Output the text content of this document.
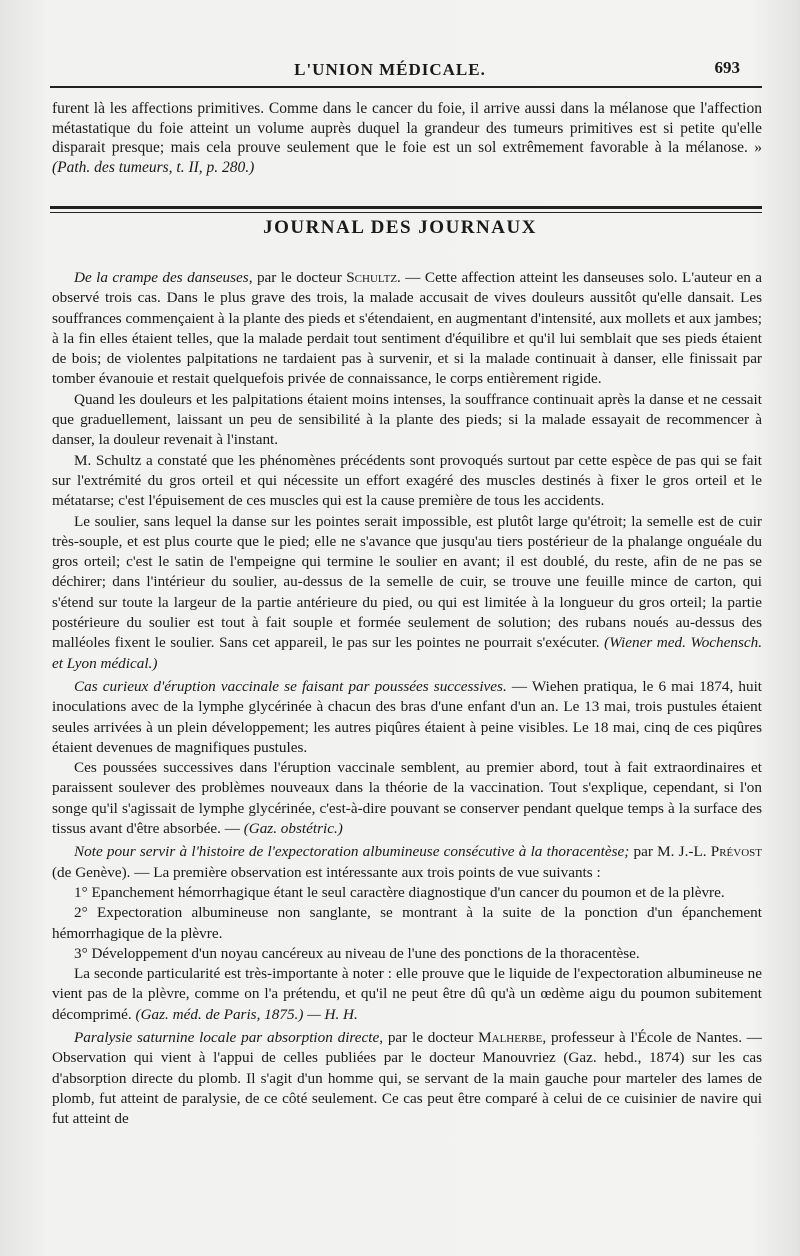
L'UNION MÉDICALE.	693

furent là les affections primitives. Comme dans le cancer du foie, il arrive aussi dans la mélanose que l'affection métastatique du foie atteint un volume auprès duquel la grandeur des tumeurs primitives est si petite qu'elle disparait presque; mais cela prouve seulement que le foie est un sol extrêmement favorable à la mélanose. » (Path. des tumeurs, t. II, p. 280.)

JOURNAL DES JOURNAUX

De la crampe des danseuses, par le docteur Schultz. — Cette affection atteint les danseuses solo. L'auteur en a observé trois cas. Dans le plus grave des trois, la malade accusait de vives douleurs aussitôt qu'elle dansait. Les souffrances commençaient à la plante des pieds et s'étendaient, en augmentant d'intensité, aux mollets et aux jambes; à la fin elles étaient telles, que la malade perdait tout sentiment d'équilibre et qu'il lui semblait que ses pieds étaient de bois; de violentes palpitations ne tardaient pas à survenir, et si la malade continuait à danser, elle finissait par tomber évanouie et restait quelquefois privée de connaissance, le corps entièrement rigide.

Quand les douleurs et les palpitations étaient moins intenses, la souffrance continuait après la danse et ne cessait que graduellement, laissant un peu de sensibilité à la plante des pieds; si la malade essayait de recommencer à danser, la douleur revenait à l'instant.

M. Schultz a constaté que les phénomènes précédents sont provoqués surtout par cette espèce de pas qui se fait sur l'extrémité du gros orteil et qui nécessite un effort exagéré des muscles destinés à fixer le gros orteil et le métatarse; c'est l'épuisement de ces muscles qui est la cause première de tous les accidents.

Le soulier, sans lequel la danse sur les pointes serait impossible, est plutôt large qu'étroit; la semelle est de cuir très-souple, et est plus courte que le pied; elle ne s'avance que jusqu'au tiers postérieur de la phalange onguéale du gros orteil; c'est le satin de l'empeigne qui termine le soulier en avant; il est doublé, du reste, afin de ne pas se déchirer; dans l'intérieur du soulier, au-dessus de la semelle de cuir, se trouve une feuille mince de carton, qui s'étend sur toute la largeur de la partie antérieure du pied, ou qui est limitée à la longueur du gros orteil; la partie postérieure du soulier est tout à fait souple et formée seulement de solution; des rubans noués au-dessus des malléoles fixent le soulier. Sans cet appareil, le pas sur les pointes ne pourrait s'exécuter. (Wiener med. Wochensch. et Lyon médical.)

Cas curieux d'éruption vaccinale se faisant par poussées successives. — Wiehen pratiqua, le 6 mai 1874, huit inoculations avec de la lymphe glycérinée à chacun des bras d'une enfant d'un an. Le 13 mai, trois pustules étaient seules arrivées à un plein développement; les autres piqûres étaient à peine visibles. Le 18 mai, cinq de ces piqûres étaient devenues de magnifiques pustules.

Ces poussées successives dans l'éruption vaccinale semblent, au premier abord, tout à fait extraordinaires et paraissent soulever des problèmes nouveaux dans la théorie de la vaccination. Tout s'explique, cependant, si l'on songe qu'il s'agissait de lymphe glycérinée, c'est-à-dire pouvant se conserver pendant quelque temps à la surface des tissus avant d'être absorbée. — (Gaz. obstétric.)

Note pour servir à l'histoire de l'expectoration albumineuse consécutive à la thoracentèse; par M. J.-L. Prévost (de Genève). — La première observation est intéressante aux trois points de vue suivants :

1° Epanchement hémorrhagique étant le seul caractère diagnostique d'un cancer du poumon et de la plèvre.

2° Expectoration albumineuse non sanglante, se montrant à la suite de la ponction d'un épanchement hémorrhagique de la plèvre.

3° Développement d'un noyau cancéreux au niveau de l'une des ponctions de la thoracentèse.

La seconde particularité est très-importante à noter : elle prouve que le liquide de l'expectoration albumineuse ne vient pas de la plèvre, comme on l'a prétendu, et qu'il ne peut être dû qu'à un œdème aigu du poumon subitement décomprimé. (Gaz. méd. de Paris, 1875.) — H. H.

Paralysie saturnine locale par absorption directe, par le docteur Malherbe, professeur à l'École de Nantes. — Observation qui vient à l'appui de celles publiées par le docteur Manouvriez (Gaz. hebd., 1874) sur les cas d'absorption directe du plomb. Il s'agit d'un homme qui, se servant de la main gauche pour marteler des lames de plomb, fut atteint de paralysie, de ce côté seulement. Ce cas peut être comparé à celui de ce cuisinier de navire qui fut atteint de
